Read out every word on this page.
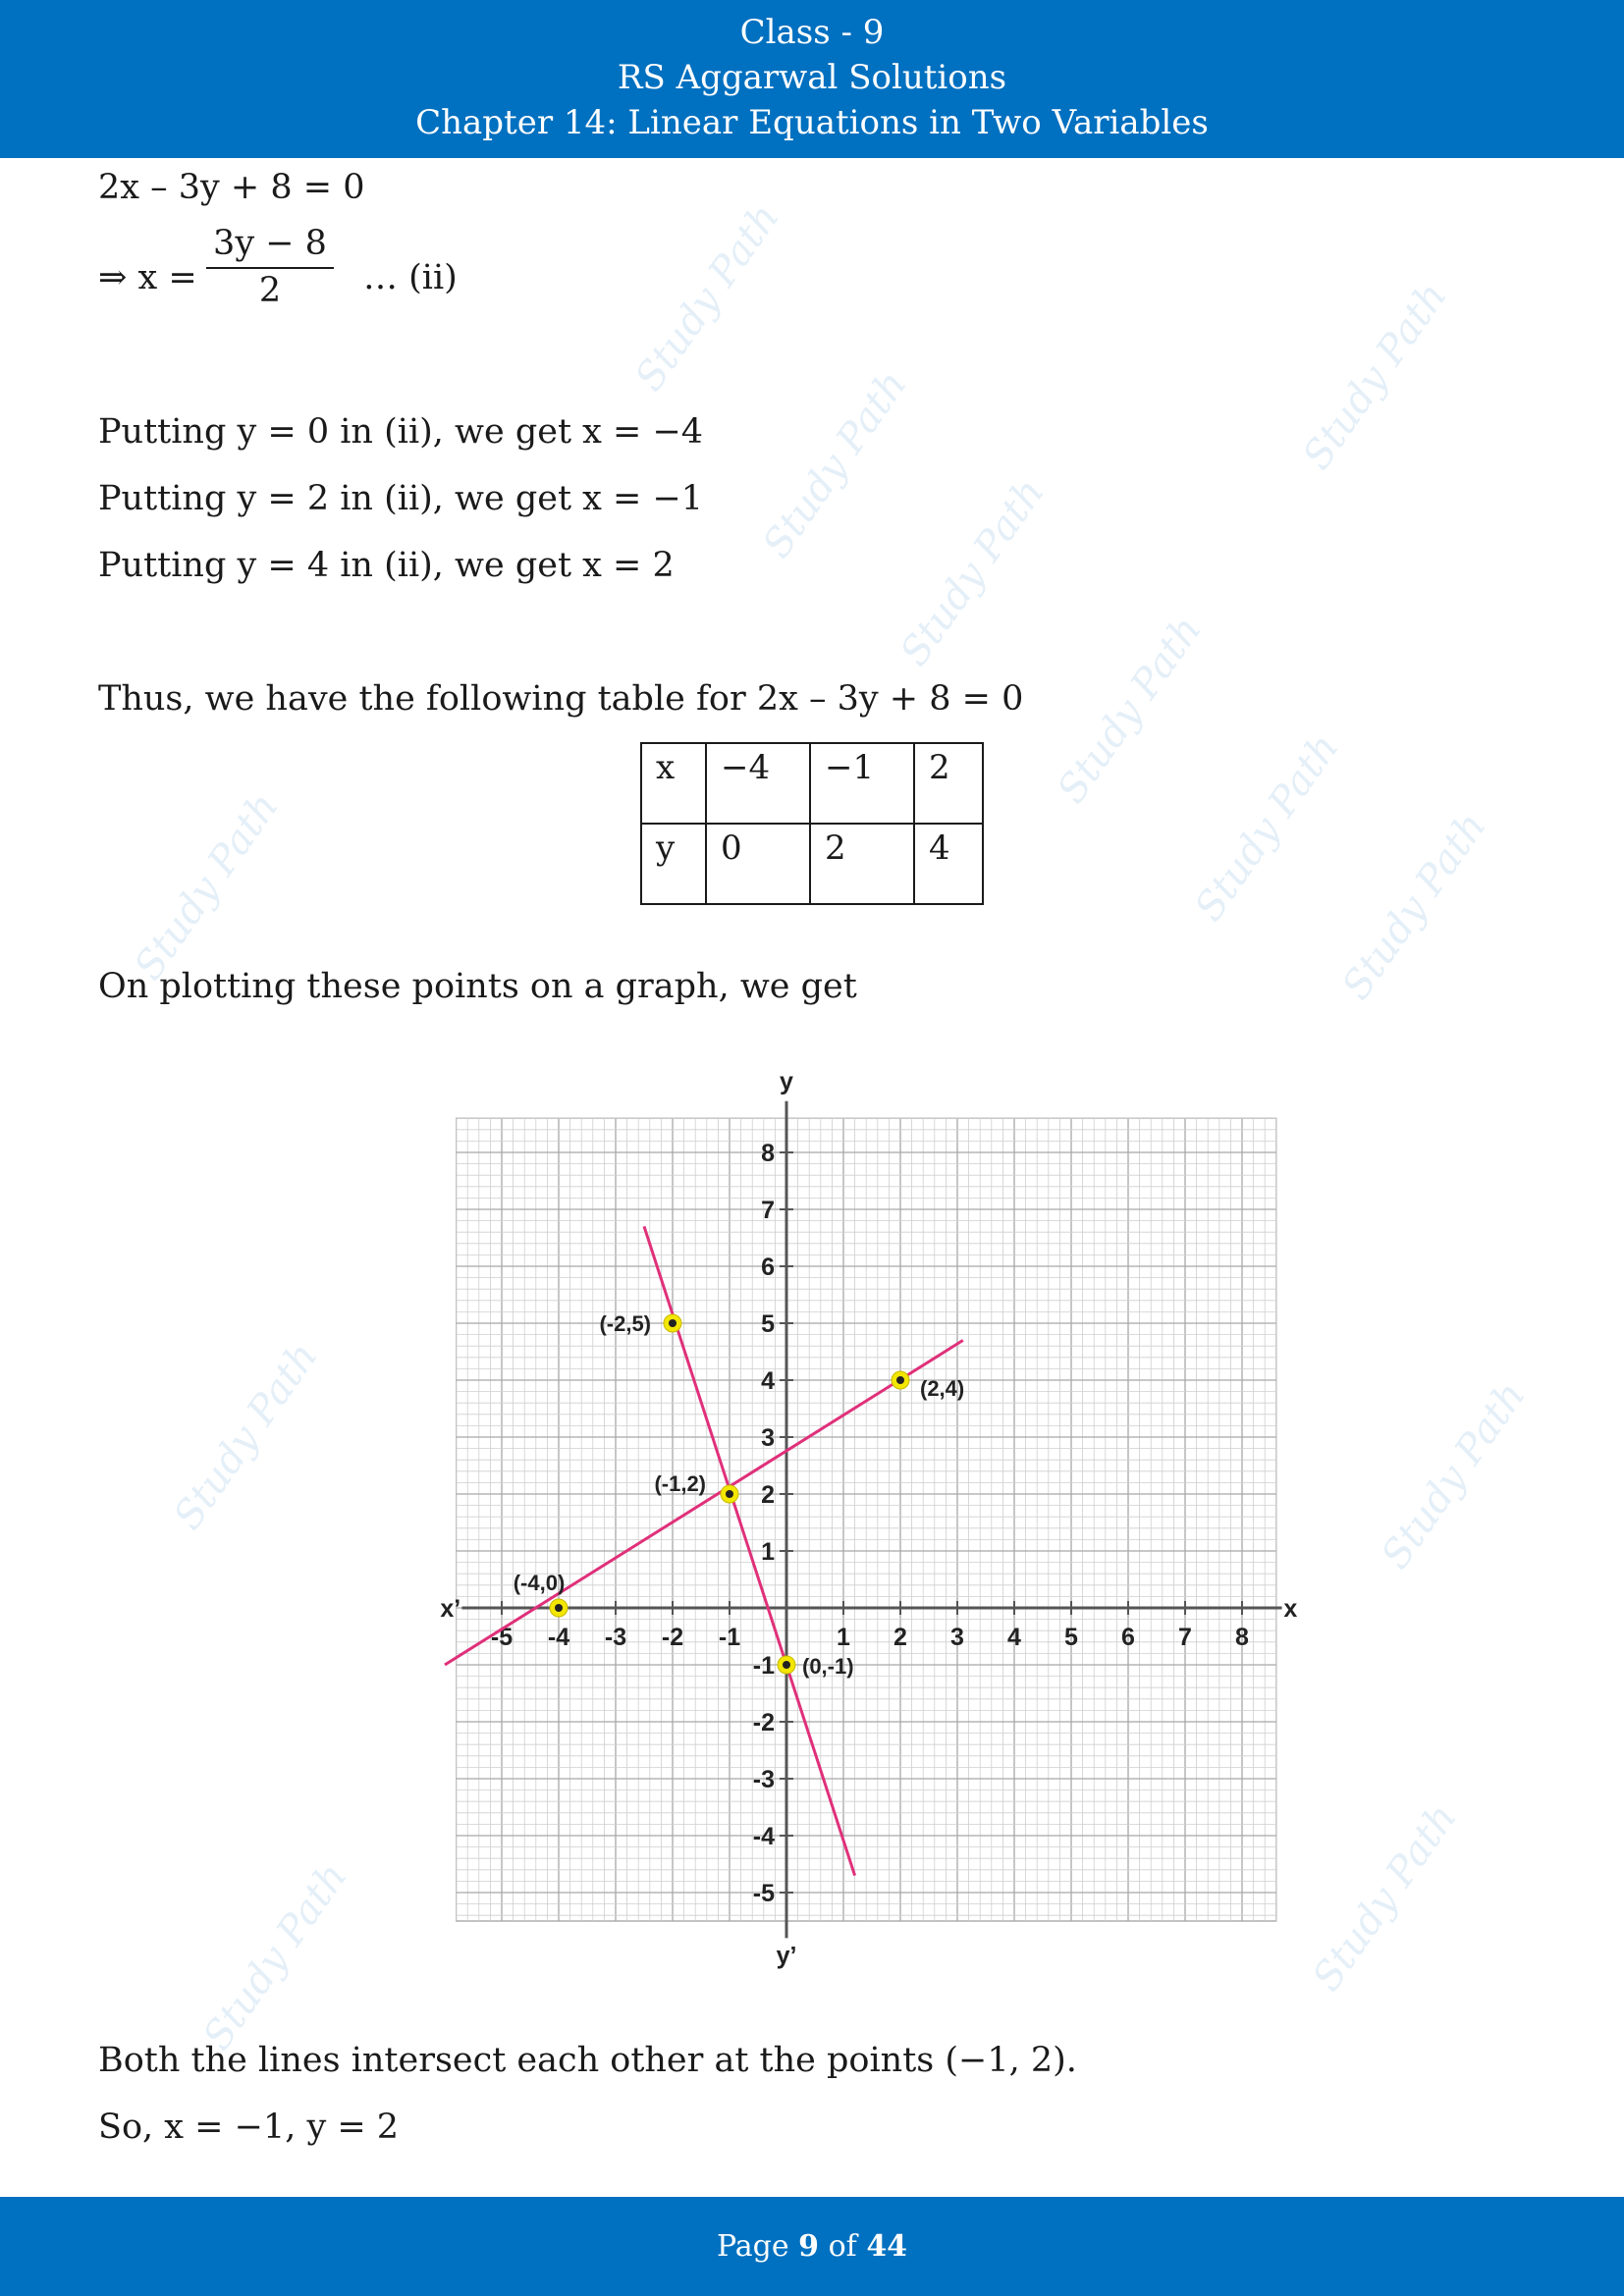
Class - 9
RS Aggarwal Solutions
Chapter 14: Linear Equations in Two Variables
Study Path	Study Path
Study Path
Study Path
Study Path
Study Path
Study Path	Study Path
Study Path	Study Path
Study Path	Study Path
2x – 3y + 8 = 0
⇒ $x = \frac{3y - 8}{2}$ … (ii)
Putting y = 0 in (ii), we get x = −4
Putting y = 2 in (ii), we get x = −1
Putting y = 4 in (ii), we get x = 2
Thus, we have the following table for 2x – 3y + 8 = 0
x	−4	−1	2
y	0	2	4
On plotting these points on a graph, we get
x
x’
y
y’
-5 -4 -3 -2 -1	1 2 3 4 5 6 7 8
-5
-4
-3
-2
-1
1
2
3
4
5
6
7
8
(-4,0)
(-1,2)
(2,4)
(-2,5)
(0,-1)
Both the lines intersect each other at the points (−1, 2).
So, x = −1, y = 2
Page 9 of 44
